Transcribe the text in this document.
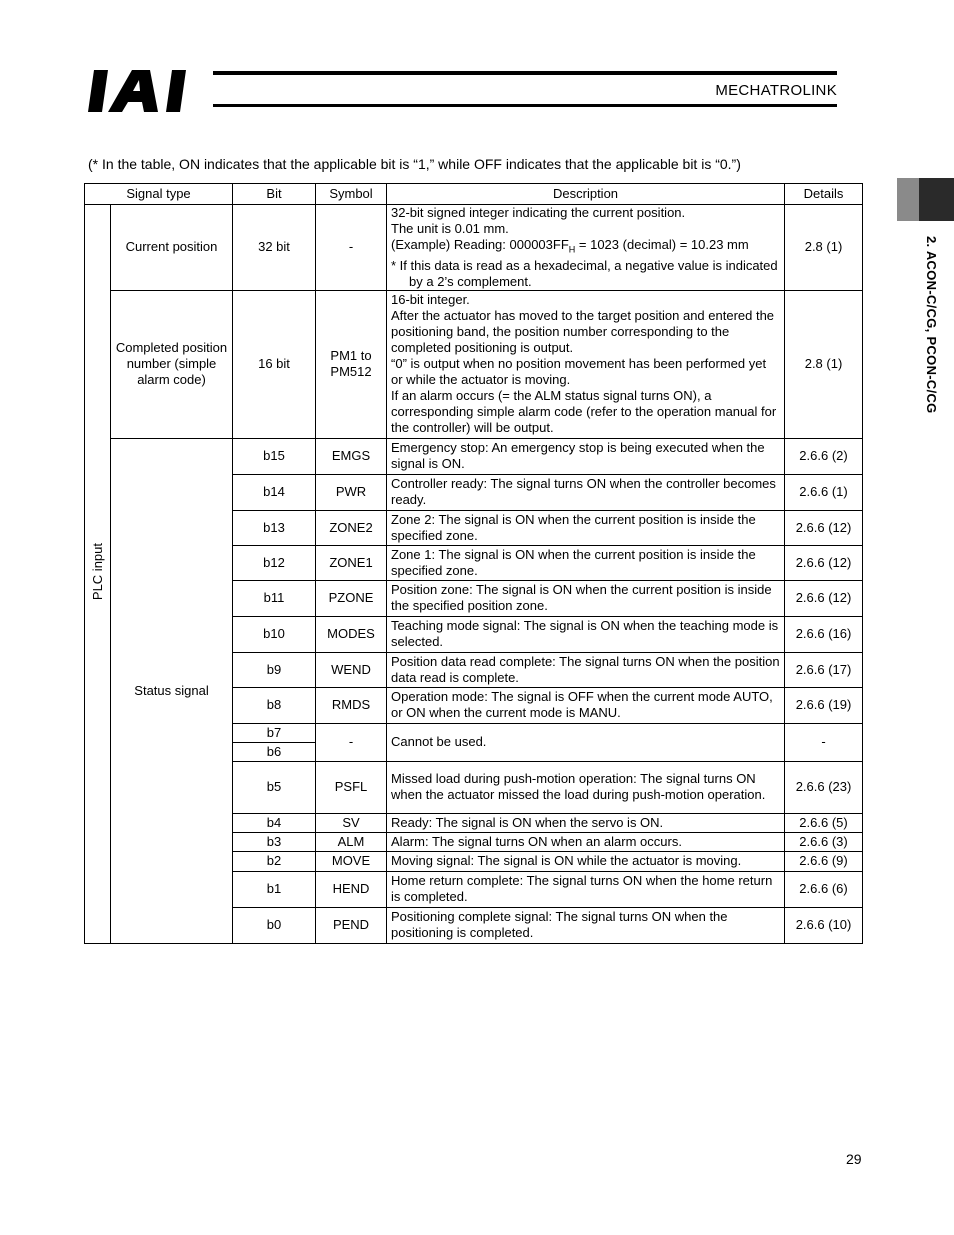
MECHATROLINK
2. ACON-C/CG, PCON-C/CG
(* In the table, ON indicates that the applicable bit is “1,” while OFF indicates that the applicable bit is “0.”)
Signal type		Bit	Symbol	Description	Details
PLC input	Current position	32 bit	-	32-bit signed integer indicating the current position.
The unit is 0.01 mm.
(Example) Reading: $000003FF_H = 1023$ (decimal) = 10.23 mm
* If this data is read as a hexadecimal, a negative value is indicated by a 2’s complement.	2.8 (1)
	Completed position number (simple alarm code)	16 bit	PM1 to PM512	16-bit integer.
After the actuator has moved to the target position and entered the positioning band, the position number corresponding to the completed positioning is output.
“0” is output when no position movement has been performed yet or while the actuator is moving.
If an alarm occurs (= the ALM status signal turns ON), a corresponding simple alarm code (refer to the operation manual for the controller) will be output.	2.8 (1)
	Status signal	b15	EMGS	Emergency stop: An emergency stop is being executed when the signal is ON.	2.6.6 (2)
		b14	PWR	Controller ready: The signal turns ON when the controller becomes ready.	2.6.6 (1)
		b13	ZONE2	Zone 2: The signal is ON when the current position is inside the specified zone.	2.6.6 (12)
		b12	ZONE1	Zone 1: The signal is ON when the current position is inside the specified zone.	2.6.6 (12)
		b11	PZONE	Position zone: The signal is ON when the current position is inside the specified position zone.	2.6.6 (12)
		b10	MODES	Teaching mode signal: The signal is ON when the teaching mode is selected.	2.6.6 (16)
		b9	WEND	Position data read complete: The signal turns ON when the position data read is complete.	2.6.6 (17)
		b8	RMDS	Operation mode: The signal is OFF when the current mode AUTO, or ON when the current mode is MANU.	2.6.6 (19)
		b7	-	Cannot be used.	-
		b6			
		b5	PSFL	Missed load during push-motion operation: The signal turns ON when the actuator missed the load during push-motion operation.	2.6.6 (23)
		b4	SV	Ready: The signal is ON when the servo is ON.	2.6.6 (5)
		b3	ALM	Alarm: The signal turns ON when an alarm occurs.	2.6.6 (3)
		b2	MOVE	Moving signal: The signal is ON while the actuator is moving.	2.6.6 (9)
		b1	HEND	Home return complete: The signal turns ON when the home return is completed.	2.6.6 (6)
		b0	PEND	Positioning complete signal: The signal turns ON when the positioning is completed.	2.6.6 (10)
29
